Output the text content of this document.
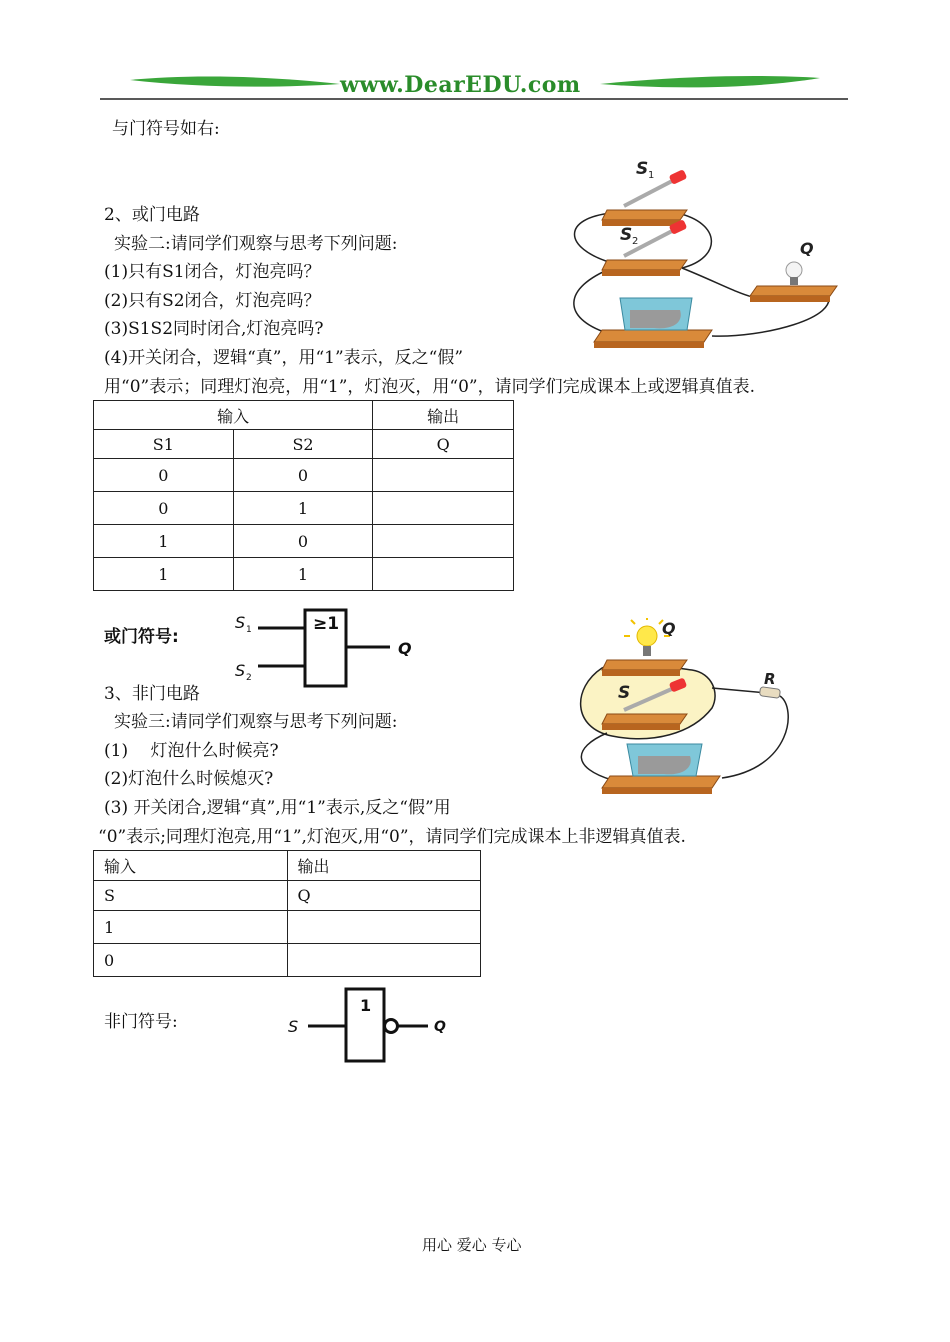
www.DearEDU.com
与门符号如右:
S 1
S 2	Q
2、或门电路
实验二:请同学们观察与思考下列问题:
(1)只有S1闭合，灯泡亮吗？
(2)只有S2闭合，灯泡亮吗？
(3)S1S2同时闭合,灯泡亮吗?
(4)开关闭合，逻辑“真”，用“1”表示，反之“假”
用“0”表示；同理灯泡亮，用“1”，灯泡灭，用“0”，请同学们完成课本上或逻辑真值表.
输入		输出
S1	S2	Q
0	0	
0	1	
1	0	
1	1	
或门符号:
≥1
S 1
S 2
Q
Q
S
R
3、非门电路
实验三:请同学们观察与思考下列问题:
(1)　 灯泡什么时候亮?
(2)灯泡什么时候熄灭?
(3) 开关闭合,逻辑“真”,用“1”表示,反之“假”用
“0”表示;同理灯泡亮,用“1”,灯泡灭,用“0”，请同学们完成课本上非逻辑真值表.
输入	输出
S	Q
1	
0	
非门符号:
1
S	Q
用心 爱心 专心
